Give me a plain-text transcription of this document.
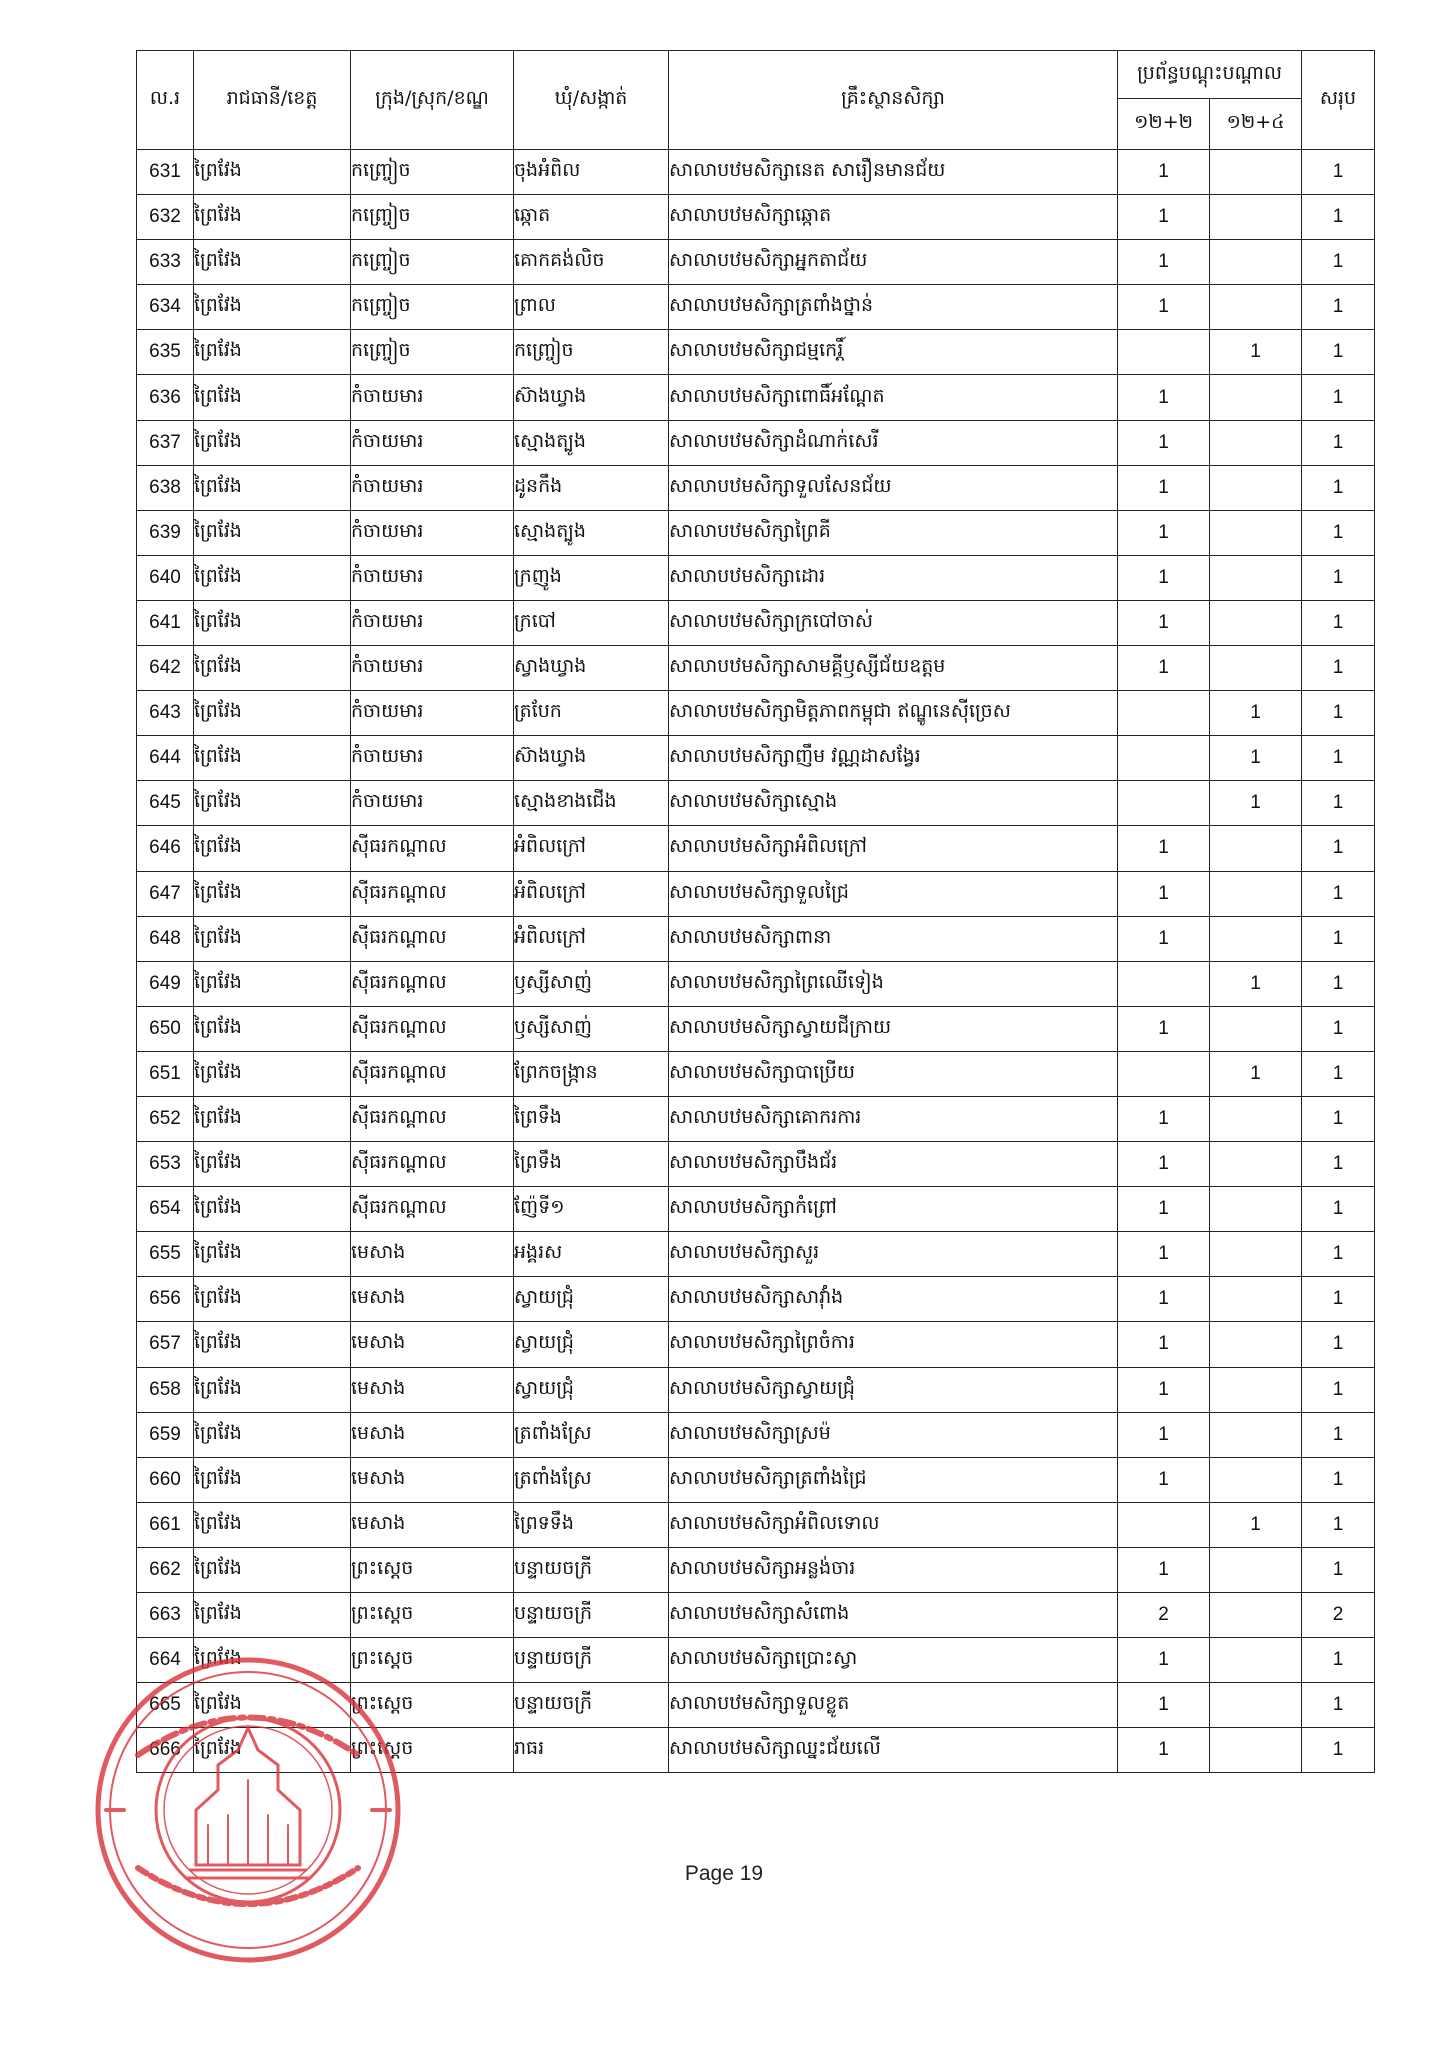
ល.រ	រាជធានី/ខេត្ត	ក្រុង/ស្រុក/ខណ្ឌ	ឃុំ/សង្កាត់	គ្រឹះស្ថានសិក្សា	ប្រព័ន្ធបណ្តុះបណ្តាល		សរុប
					១២+២	១២+៤	
631	ព្រៃវែង	កញ្ច្រៀច	ចុងអំពិល	សាលាបឋមសិក្សានេត សារឿនមានជ័យ	1		1
632	ព្រៃវែង	កញ្ច្រៀច	ឆ្កោត	សាលាបឋមសិក្សាឆ្កោត	1		1
633	ព្រៃវែង	កញ្ច្រៀច	គោកគង់លិច	សាលាបឋមសិក្សាអ្នកតាជ័យ	1		1
634	ព្រៃវែង	កញ្ច្រៀច	ព្រាល	សាលាបឋមសិក្សាត្រពាំងថ្នាន់	1		1
635	ព្រៃវែង	កញ្ច្រៀច	កញ្ច្រៀច	សាលាបឋមសិក្សាជម្មកេរ្តិ៍		1	1
636	ព្រៃវែង	កំចាយមារ	ស៊ាងឃ្វាង	សាលាបឋមសិក្សាពោធិ៍អណ្តែត	1		1
637	ព្រៃវែង	កំចាយមារ	ស្មោងត្បូង	សាលាបឋមសិក្សាដំណាក់សេរី	1		1
638	ព្រៃវែង	កំចាយមារ	ដូនកឹង	សាលាបឋមសិក្សាទួលសែនជ័យ	1		1
639	ព្រៃវែង	កំចាយមារ	ស្មោងត្បូង	សាលាបឋមសិក្សាព្រៃគី	1		1
640	ព្រៃវែង	កំចាយមារ	ក្រញូង	សាលាបឋមសិក្សាដោរ	1		1
641	ព្រៃវែង	កំចាយមារ	ក្របៅ	សាលាបឋមសិក្សាក្របៅចាស់	1		1
642	ព្រៃវែង	កំចាយមារ	ស្វាងឃ្វាង	សាលាបឋមសិក្សាសាមគ្គីឫស្សីជ័យឧត្តម	1		1
643	ព្រៃវែង	កំចាយមារ	ត្របែក	សាលាបឋមសិក្សាមិត្តភាពកម្ពុជា ឥណ្ឌូនេស៊ីច្រេស		1	1
644	ព្រៃវែង	កំចាយមារ	ស៊ាងឃ្វាង	សាលាបឋមសិក្សាញឹម វណ្ណដាសង្វែរ		1	1
645	ព្រៃវែង	កំចាយមារ	ស្មោងខាងជើង	សាលាបឋមសិក្សាស្មោង		1	1
646	ព្រៃវែង	ស៊ីធរកណ្តាល	អំពិលក្រៅ	សាលាបឋមសិក្សាអំពិលក្រៅ	1		1
647	ព្រៃវែង	ស៊ីធរកណ្តាល	អំពិលក្រៅ	សាលាបឋមសិក្សាទួលជ្រៃ	1		1
648	ព្រៃវែង	ស៊ីធរកណ្តាល	អំពិលក្រៅ	សាលាបឋមសិក្សាពានា	1		1
649	ព្រៃវែង	ស៊ីធរកណ្តាល	ឫស្សីសាញ់	សាលាបឋមសិក្សាព្រៃឈើទៀង		1	1
650	ព្រៃវែង	ស៊ីធរកណ្តាល	ឫស្សីសាញ់	សាលាបឋមសិក្សាស្វាយជីក្រាយ	1		1
651	ព្រៃវែង	ស៊ីធរកណ្តាល	ព្រែកចង្ក្រាន	សាលាបឋមសិក្សាបាប្រើយ		1	1
652	ព្រៃវែង	ស៊ីធរកណ្តាល	ព្រៃទឹង	សាលាបឋមសិក្សាគោករការ	1		1
653	ព្រៃវែង	ស៊ីធរកណ្តាល	ព្រៃទឹង	សាលាបឋមសិក្សាបឹងជ័រ	1		1
654	ព្រៃវែង	ស៊ីធរកណ្តាល	ញ៉ែទី១	សាលាបឋមសិក្សាកំព្រៅ	1		1
655	ព្រៃវែង	មេសាង	អង្គរស	សាលាបឋមសិក្សាសួរ	1		1
656	ព្រៃវែង	មេសាង	ស្វាយជ្រុំ	សាលាបឋមសិក្សាសាវ៉ាំង	1		1
657	ព្រៃវែង	មេសាង	ស្វាយជ្រុំ	សាលាបឋមសិក្សាព្រៃចំការ	1		1
658	ព្រៃវែង	មេសាង	ស្វាយជ្រុំ	សាលាបឋមសិក្សាស្វាយជ្រុំ	1		1
659	ព្រៃវែង	មេសាង	ត្រពាំងស្រែ	សាលាបឋមសិក្សាស្រម៉	1		1
660	ព្រៃវែង	មេសាង	ត្រពាំងស្រែ	សាលាបឋមសិក្សាត្រពាំងជ្រៃ	1		1
661	ព្រៃវែង	មេសាង	ព្រៃទទឹង	សាលាបឋមសិក្សាអំពិលទោល		1	1
662	ព្រៃវែង	ព្រះស្តេច	បន្ទាយចក្រី	សាលាបឋមសិក្សាអន្លង់ចារ	1		1
663	ព្រៃវែង	ព្រះស្តេច	បន្ទាយចក្រី	សាលាបឋមសិក្សាសំពោង	2		2
664	ព្រៃវែង	ព្រះស្តេច	បន្ទាយចក្រី	សាលាបឋមសិក្សាប្រោះស្វា	1		1
665	ព្រៃវែង	ព្រះស្តេច	បន្ទាយចក្រី	សាលាបឋមសិក្សាទួលខ្លូត	1		1
666	ព្រៃវែង	ព្រះស្តេច	រាធរ	សាលាបឋមសិក្សាឈ្នះជ័យលើ	1		1
Page 19
